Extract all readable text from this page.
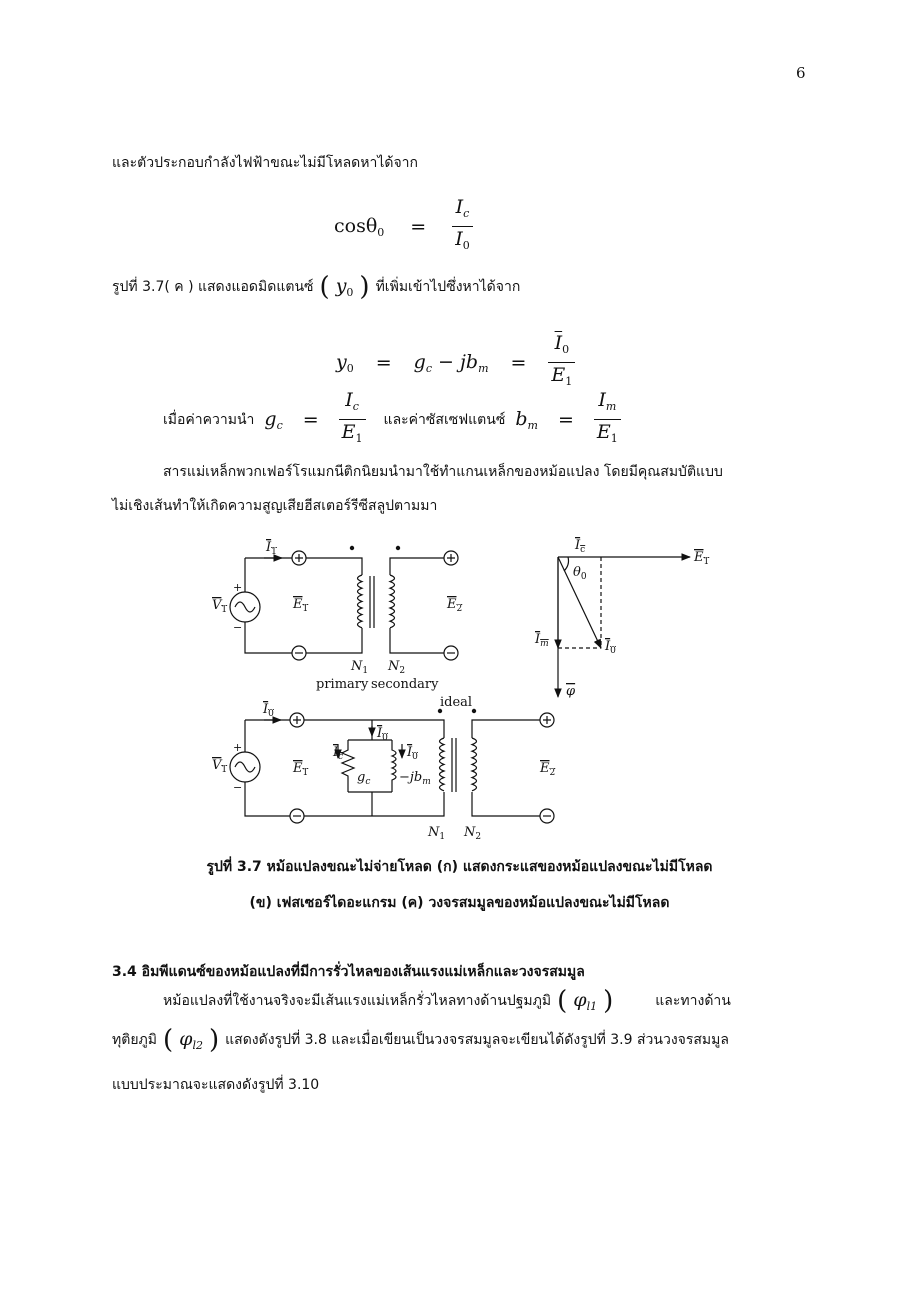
6
และตัวประกอบกำลังไฟฟ้าขณะไม่มีโหลดหาได้จาก
$\cos\theta_0 = \frac{I_c}{I_0}$
รูปที่ 3.7( ค ) แสดงแอดมิดแตนซ์ ( $y_0$ ) ที่เพิ่มเข้าไปซึ่งหาได้จาก
$y_0 = g_c - jb_m = \frac{\overline{I}_0}{E_1}$
เมื่อค่าความนำ $g_c = \frac{I_c}{E_1}$ และค่าซัสเซฟแตนซ์ $b_m = \frac{I_m}{E_1}$
สารแม่เหล็กพวกเฟอร์โรแมกนีติกนิยมนำมาใช้ทำแกนเหล็กของหม้อแปลง โดยมีคุณสมบัติแบบ
ไม่เชิงเส้นทำให้เกิดความสูญเสียฮีสเตอร์รีซีสลูปตามมา
$I_1$
$V_1$
+
−
$E_1$	$E_2$
$N_1$ $N_2$
primary secondary
$I_c$	$E_1$
$\theta_0$
$I_m$	$I_0$
φ
ideal
$I_0$
$I_0$
$I_c$	$I_0$
$V_1$
+
−
$E_1$	$g_c -jb_m$
$E_2$
$N_1$ $N_2$
รูปที่ 3.7 หม้อแปลงขณะไม่จ่ายโหลด (ก) แสดงกระแสของหม้อแปลงขณะไม่มีโหลด
(ข) เฟสเซอร์ไดอะแกรม (ค) วงจรสมมูลของหม้อแปลงขณะไม่มีโหลด
3.4 อิมพีแดนซ์ของหม้อแปลงที่มีการรั่วไหลของเส้นแรงแม่เหล็กและวงจรสมมูล
หม้อแปลงที่ใช้งานจริงจะมีเส้นแรงแม่เหล็กรั่วไหลทางด้านปฐมภูมิ ( $\varphi_{l1}$ )	และทางด้าน
ทุติยภูมิ ( $\varphi_{l2}$ ) แสดงดังรูปที่ 3.8 และเมื่อเขียนเป็นวงจรสมมูลจะเขียนได้ดังรูปที่ 3.9 ส่วนวงจรสมมูล
แบบประมาณจะแสดงดังรูปที่ 3.10
